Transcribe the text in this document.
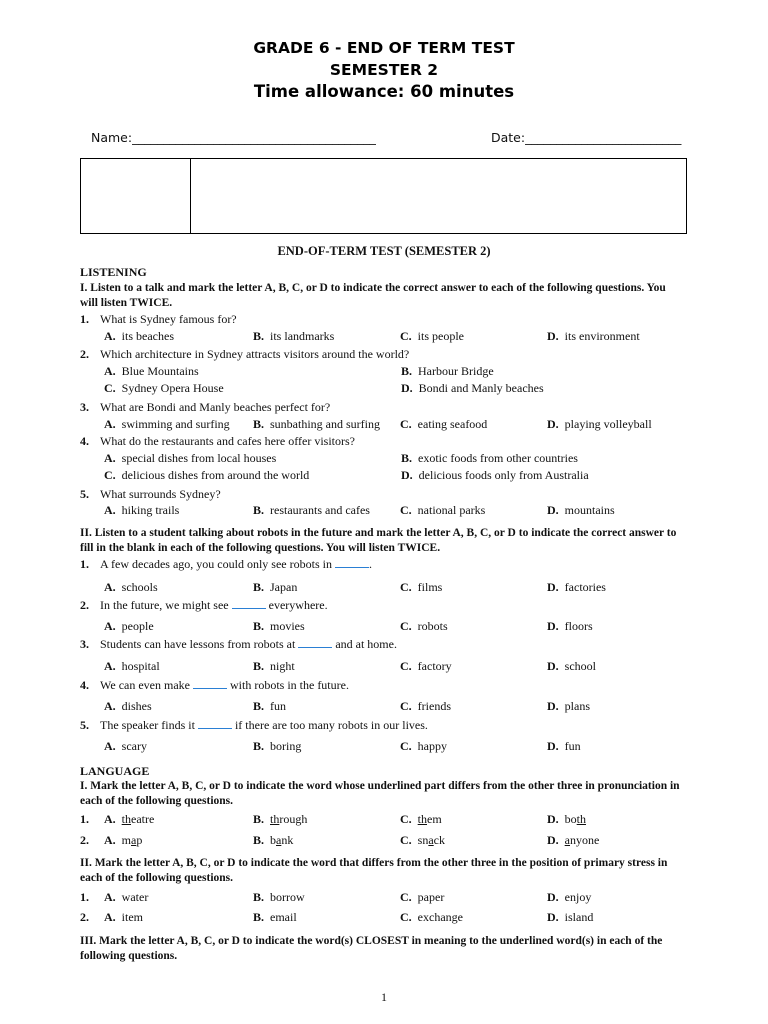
GRADE 6 - END OF TERM TEST
SEMESTER 2
Time allowance: 60 minutes
Name:_______________________________________	Date:_________________________
END-OF-TERM TEST (SEMESTER 2)
LISTENING
I. Listen to a talk and mark the letter A, B, C, or D to indicate the correct answer to each of the following questions. You will listen TWICE.
1. What is Sydney famous for?
A. its beaches	B. its landmarks	C. its people	D. its environment
2. Which architecture in Sydney attracts visitors around the world?
A. Blue Mountains	B. Harbour Bridge
C. Sydney Opera House	D. Bondi and Manly beaches
3. What are Bondi and Manly beaches perfect for?
A. swimming and surfing B. sunbathing and surfing C. eating seafood	D. playing volleyball
4. What do the restaurants and cafes here offer visitors?
A. special dishes from local houses	B. exotic foods from other countries
C. delicious dishes from around the world	D. delicious foods only from Australia
5. What surrounds Sydney?
A. hiking trails	B. restaurants and cafes	C. national parks	D. mountains
II. Listen to a student talking about robots in the future and mark the letter A, B, C, or D to indicate the correct answer to fill in the blank in each of the following questions. You will listen TWICE.
1. A few decades ago, you could only see robots in	.
A. schools	B. Japan	C. films	D. factories
2. In the future, we might see	everywhere.
A. people	B. movies	C. robots	D. floors
3. Students can have lessons from robots at	and at home.
A. hospital	B. night	C. factory	D. school
4. We can even make	with robots in the future.
A. dishes	B. fun	C. friends	D. plans
5. The speaker finds it	if there are too many robots in our lives.
A. scary	B. boring	C. happy	D. fun
LANGUAGE
I. Mark the letter A, B, C, or D to indicate the word whose underlined part differs from the other three in pronunciation in each of the following questions.
1.	A. theatre	B. through	C. them	D. both
2.	A. map	B. bank	C. snack	D. anyone
II. Mark the letter A, B, C, or D to indicate the word that differs from the other three in the position of primary stress in each of the following questions.
1.	A. water	B. borrow	C. paper	D. enjoy
2.	A. item	B. email	C. exchange	D. island
III. Mark the letter A, B, C, or D to indicate the word(s) CLOSEST in meaning to the underlined word(s) in each of the following questions.
1
